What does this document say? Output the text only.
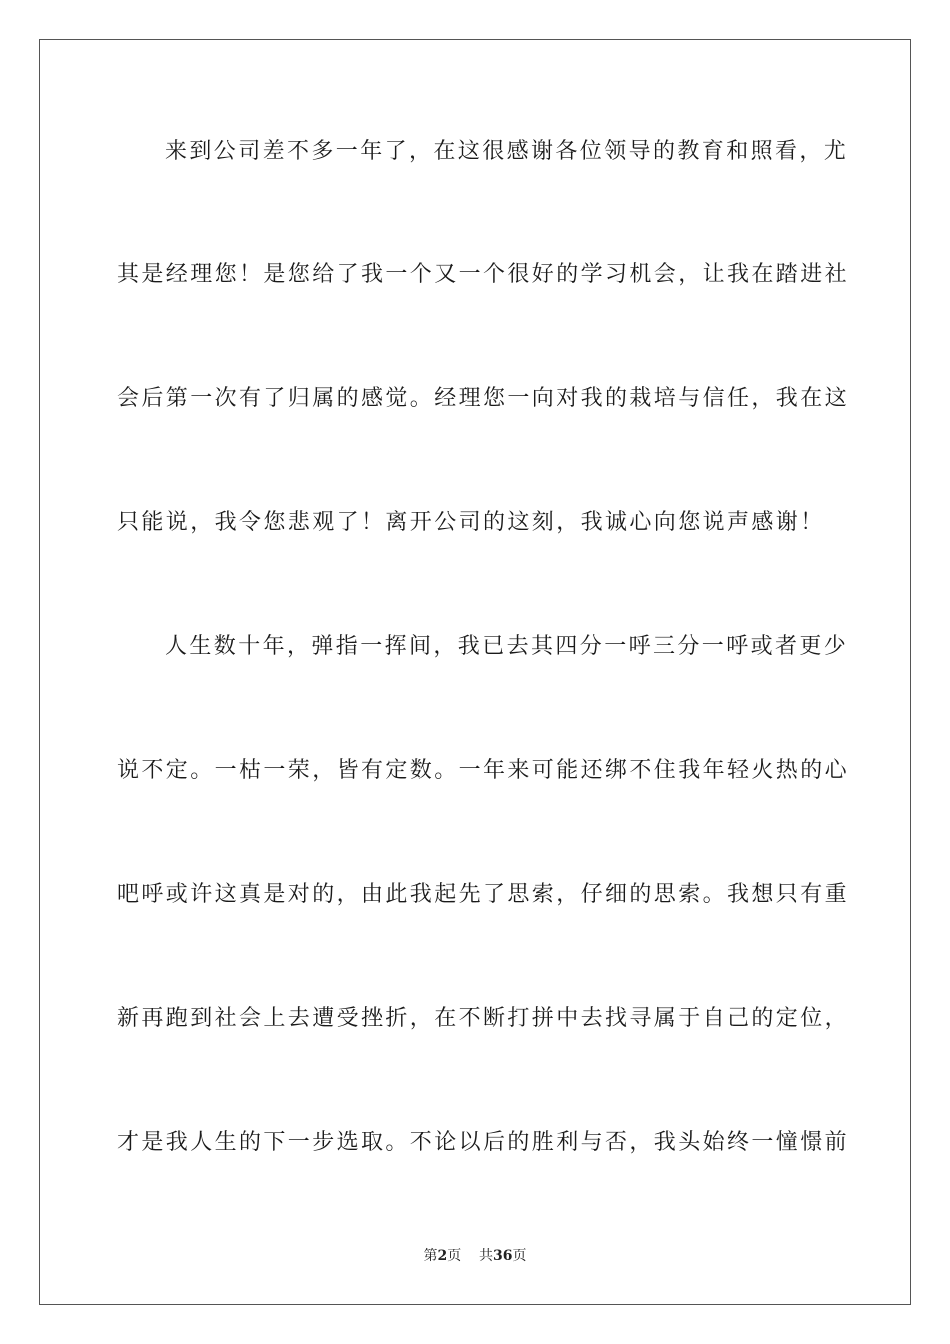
来到公司差不多一年了，在这很感谢各位领导的教育和照看，尤
其是经理您！是您给了我一个又一个很好的学习机会，让我在踏进社
会后第一次有了归属的感觉。经理您一向对我的栽培与信任，我在这
只能说，我令您悲观了！离开公司的这刻，我诚心向您说声感谢！
人生数十年，弹指一挥间，我已去其四分一呼三分一呼或者更少
说不定。一枯一荣，皆有定数。一年来可能还绑不住我年轻火热的心
吧呼或许这真是对的，由此我起先了思索，仔细的思索。我想只有重
新再跑到社会上去遭受挫折，在不断打拼中去找寻属于自己的定位，
才是我人生的下一步选取。不论以后的胜利与否，我头始终一憧憬前
第2页 共36页
